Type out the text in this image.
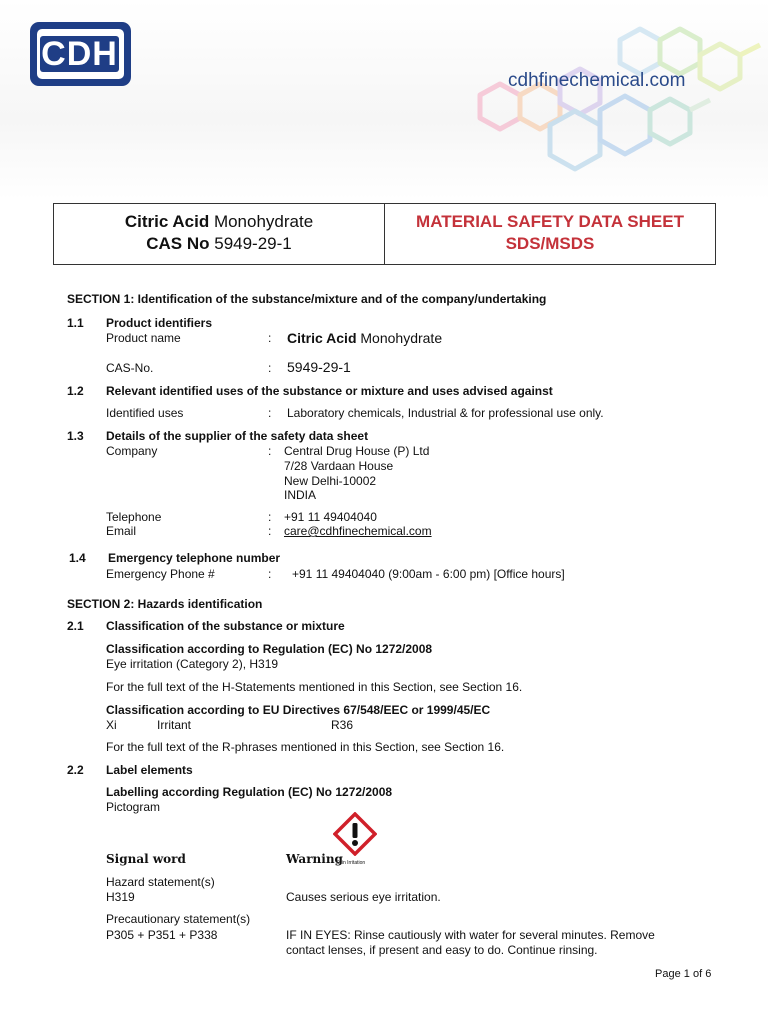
CDH
cdhfinechemical.com
Citric Acid Monohydrate
CAS No 5949-29-1
MATERIAL SAFETY DATA SHEET
SDS/MSDS
SECTION 1: Identification of the substance/mixture and of the company/undertaking
1.1 Product identifiers
Product name	: Citric Acid Monohydrate
CAS-No.	: 5949-29-1
1.2 Relevant identified uses of the substance or mixture and uses advised against
Identified uses	: Laboratory chemicals, Industrial & for professional use only.
1.3 Details of the supplier of the safety data sheet
Company	: Central Drug House (P) Ltd
7/28 Vardaan House
New Delhi-10002
INDIA
Telephone	: +91 11 49404040
Email	: care@cdhfinechemical.com
1.4 Emergency telephone number
Emergency Phone #	: +91 11 49404040 (9:00am - 6:00 pm) [Office hours]
SECTION 2: Hazards identification
2.1 Classification of the substance or mixture
Classification according to Regulation (EC) No 1272/2008
Eye irritation (Category 2), H319
For the full text of the H-Statements mentioned in this Section, see Section 16.
Classification according to EU Directives 67/548/EEC or 1999/45/EC
Xi	Irritant	R36
For the full text of the R-phrases mentioned in this Section, see Section 16.
2.2 Label elements
Labelling according Regulation (EC) No 1272/2008
Pictogram
Signal word	Warning
Skin Irritation
Hazard statement(s)
H319	Causes serious eye irritation.
Precautionary statement(s)
P305 + P351 + P338	IF IN EYES: Rinse cautiously with water for several minutes. Remove
contact lenses, if present and easy to do. Continue rinsing.
Page 1 of 6
